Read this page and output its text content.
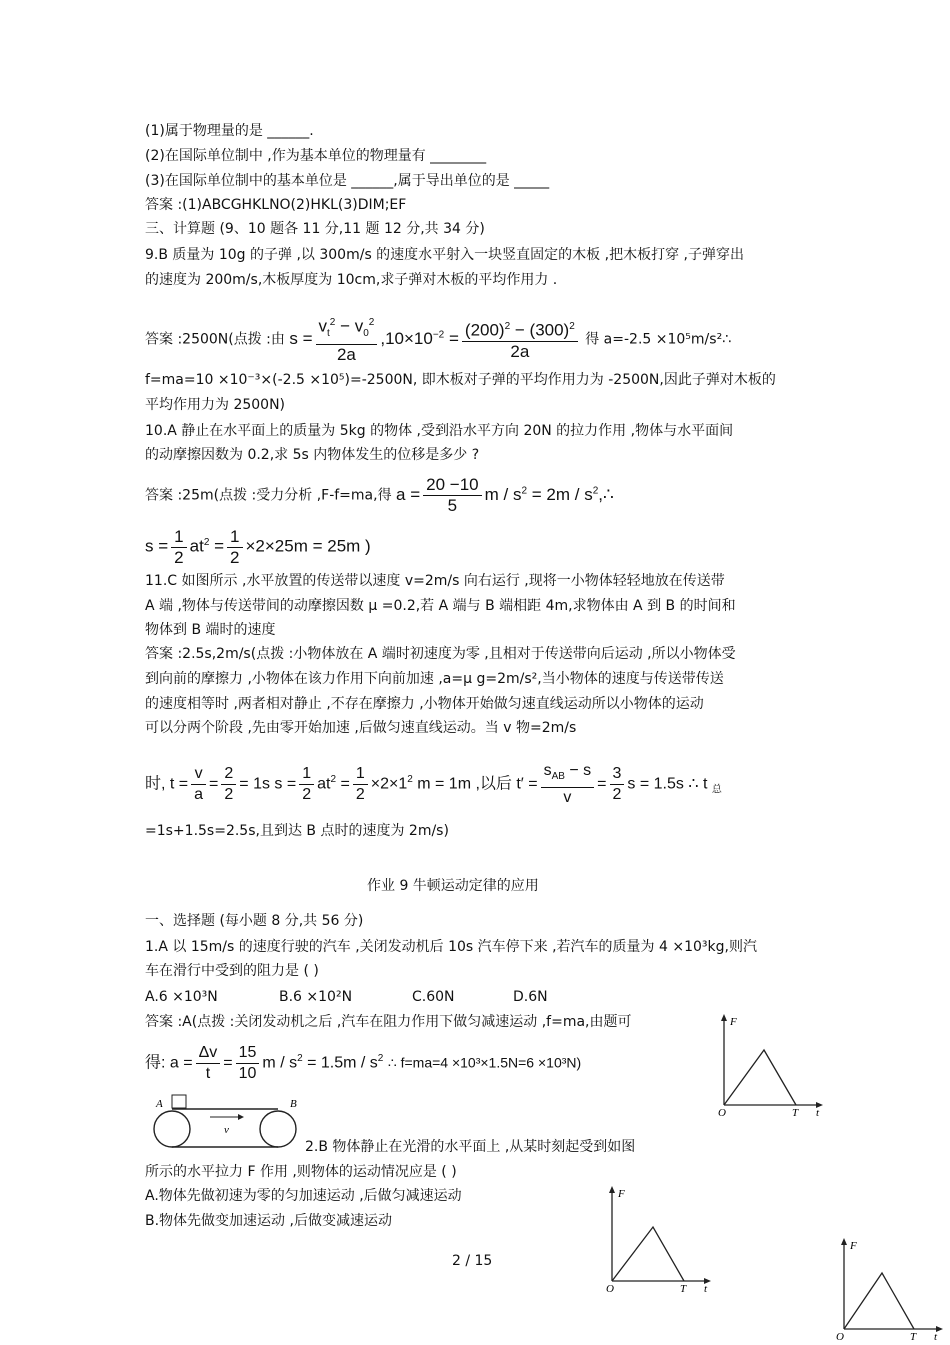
(1)属于物理量的是 ______.
(2)在国际单位制中 ,作为基本单位的物理量有 ________
(3)在国际单位制中的基本单位是 ______,属于导出单位的是 _____
答案 :(1)ABCGHKLNO(2)HKL(3)DIM;EF
三、计算题 (9、10 题各 11 分,11 题 12 分,共 34 分)
9.B 质量为 10g 的子弹 ,以 300m/s 的速度水平射入一块竖直固定的木板 ,把木板打穿 ,子弹穿出
的速度为 200m/s,木板厚度为 10cm,求子弹对木板的平均作用力 .
答案 :2500N(点拨 :由 $s = \frac{v_t^2 - v_0^2}{2a} ,10\times 10^{-2} = \frac{(200)^2 - (300)^2}{2a}$ 得 a=-2.5 ×10⁵m/s²∴
f=ma=10 ×10⁻³×(-2.5 ×10⁵)=-2500N, 即木板对子弹的平均作用力为 -2500N,因此子弹对木板的
平均作用力为 2500N)
10.A 静止在水平面上的质量为 5kg 的物体 ,受到沿水平方向 20N 的拉力作用 ,物体与水平面间
的动摩擦因数为 0.2,求 5s 内物体发生的位移是多少 ?
答案 :25m(点拨 :受力分析 ,F-f=ma,得 $a = \frac{20 -10}{5}$ $m / s^2 = 2m$ / $s^2,\therefore$
$s = \frac{1}{2} at^2 = \frac{1}{2} \times 2\times 25m = 25m$ )
11.C 如图所示 ,水平放置的传送带以速度 v=2m/s 向右运行 ,现将一小物体轻轻地放在传送带
A 端 ,物体与传送带间的动摩擦因数 μ =0.2,若 A 端与 B 端相距 4m,求物体由 A 到 B 的时间和
物体到 B 端时的速度
答案 :2.5s,2m/s(点拨 :小物体放在 A 端时初速度为零 ,且相对于传送带向后运动 ,所以小物体受
到向前的摩擦力 ,小物体在该力作用下向前加速 ,a=μ g=2m/s²,当小物体的速度与传送带传送
的速度相等时 ,两者相对静止 ,不存在摩擦力 ,小物体开始做匀速直线运动所以小物体的运动
可以分两个阶段 ,先由零开始加速 ,后做匀速直线运动。当 v 物=2m/s
时, $t = \frac{v}{a} = \frac{2}{2} = 1s$ $s = \frac{1}{2} at^2 = \frac{1}{2} \times 2\times 1^2$ m = 1m ,以后 $t' = \frac{s_{AB} - s}{v} = \frac{3}{2}$ s = 1.5s ∴ t $_总$
=1s+1.5s=2.5s,且到达 B 点时的速度为 2m/s)
作业 9 牛顿运动定律的应用
一、选择题 (每小题 8 分,共 56 分)
1.A 以 15m/s 的速度行驶的汽车 ,关闭发动机后 10s 汽车停下来 ,若汽车的质量为 4 ×10³kg,则汽
车在滑行中受到的阻力是 ( )
A.6 ×10³N	B.6 ×10²N	C.60N	D.6N
答案 :A(点拨 :关闭发动机之后 ,汽车在阻力作用下做匀减速运动 ,f=ma,由题可
得: $a = \frac{\Delta v}{t} = \frac{15}{10}$ $m / s^2 = 1.5m / s^2$ ∴ f=ma=4 ×10³×1.5N=6 ×10³N)
2.B 物体静止在光滑的水平面上 ,从某时刻起受到如图
所示的水平拉力 F 作用 ,则物体的运动情况应是 ( )
A.物体先做初速为零的匀加速运动 ,后做匀减速运动
B.物体先做变加速运动 ,后做变减速运动
2 / 15
A	B
v
F
O	T t
F
O	T t
F
O	T t
